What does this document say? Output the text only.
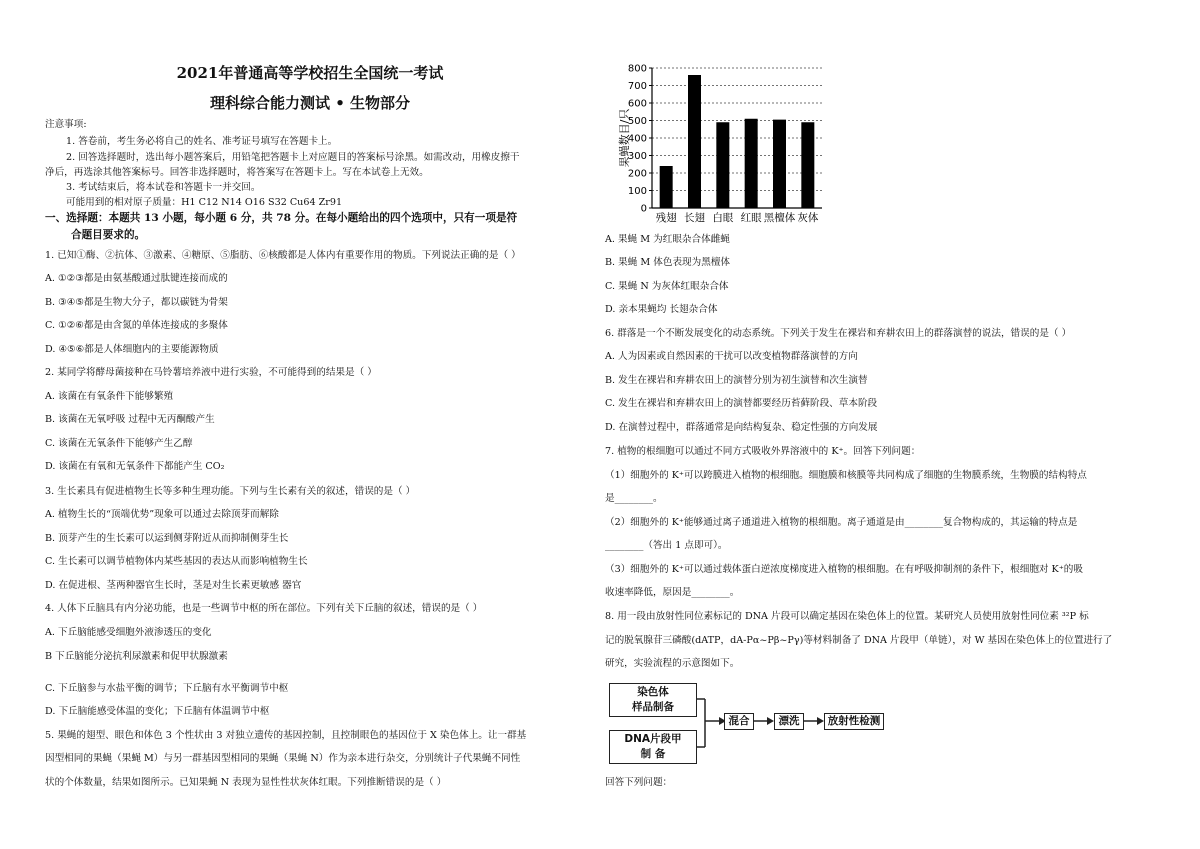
2021年普通高等学校招生全国统一考试
理科综合能力测试 • 生物部分
注意事项:
1. 答卷前，考生务必将自己的姓名、准考证号填写在答题卡上。
2. 回答选择题时，选出每小题答案后，用铅笔把答题卡上对应题目的答案标号涂黑。如需改动，用橡皮擦干
净后，再选涂其他答案标号。回答非选择题时，将答案写在答题卡上。写在本试卷上无效。
3. 考试结束后，将本试卷和答题卡一并交回。
可能用到的相对原子质量：H1 C12 N14 O16 S32 Cu64 Zr91
一、选择题：本题共 13 小题，每小题 6 分，共 78 分。在每小题给出的四个选项中，只有一项是符
合题目要求的。
1. 已知①酶、②抗体、③激素、④糖原、⑤脂肪、⑥核酸都是人体内有重要作用的物质。下列说法正确的是（ ）
A. ①②③都是由氨基酸通过肽键连接而成的
B. ③④⑤都是生物大分子，都以碳链为骨架
C. ①②⑥都是由含氮的单体连接成的多聚体
D. ④⑤⑥都是人体细胞内的主要能源物质
2. 某同学将酵母菌接种在马铃薯培养液中进行实验，不可能得到的结果是（ ）
A. 该菌在有氧条件下能够繁殖
B. 该菌在无氧呼吸 过程中无丙酮酸产生
C. 该菌在无氧条件下能够产生乙醇
D. 该菌在有氧和无氧条件下都能产生 CO₂
3. 生长素具有促进植物生长等多种生理功能。下列与生长素有关的叙述，错误的是（ ）
A. 植物生长的“顶端优势”现象可以通过去除顶芽而解除
B. 顶芽产生的生长素可以运到侧芽附近从而抑制侧芽生长
C. 生长素可以调节植物体内某些基因的表达从而影响植物生长
D. 在促进根、茎两种器官生长时，茎是对生长素更敏感 器官
4. 人体下丘脑具有内分泌功能，也是一些调节中枢的所在部位。下列有关下丘脑的叙述，错误的是（ ）
A. 下丘脑能感受细胞外液渗透压的变化
B 下丘脑能分泌抗利尿激素和促甲状腺激素
C. 下丘脑参与水盐平衡的调节；下丘脑有水平衡调节中枢
D. 下丘脑能感受体温的变化；下丘脑有体温调节中枢
5. 果蝇的翅型、眼色和体色 3 个性状由 3 对独立遗传的基因控制，且控制眼色的基因位于 X 染色体上。让一群基
因型相同的果蝇（果蝇 M）与另一群基因型相同的果蝇（果蝇 N）作为亲本进行杂交，分别统计子代果蝇不同性
状的个体数量，结果如图所示。已知果蝇 N 表现为显性性状灰体红眼。下列推断错误的是（ ）
0
100
200
300
400
500
600
700
800
残翅 长翅 白眼 红眼 黑檀体 灰体
果蝇数目/只
A. 果蝇 M 为红眼杂合体雌蝇
B. 果蝇 M 体色表现为黑檀体
C. 果蝇 N 为灰体红眼杂合体
D. 亲本果蝇均 长翅杂合体
6. 群落是一个不断发展变化的动态系统。下列关于发生在裸岩和弃耕农田上的群落演替的说法，错误的是（ ）
A. 人为因素或自然因素的干扰可以改变植物群落演替的方向
B. 发生在裸岩和弃耕农田上的演替分别为初生演替和次生演替
C. 发生在裸岩和弃耕农田上的演替都要经历苔藓阶段、草本阶段
D. 在演替过程中，群落通常是向结构复杂、稳定性强的方向发展
7. 植物的根细胞可以通过不同方式吸收外界溶液中的 K⁺。回答下列问题：
（1）细胞外的 K⁺可以跨膜进入植物的根细胞。细胞膜和核膜等共同构成了细胞的生物膜系统，生物膜的结构特点
是________。
（2）细胞外的 K⁺能够通过离子通道进入植物的根细胞。离子通道是由________复合物构成的，其运输的特点是
________（答出 1 点即可）。
（3）细胞外的 K⁺可以通过载体蛋白逆浓度梯度进入植物的根细胞。在有呼吸抑制剂的条件下，根细胞对 K⁺的吸
收速率降低，原因是________。
8. 用一段由放射性同位素标记的 DNA 片段可以确定基因在染色体上的位置。某研究人员使用放射性同位素 ³²P 标
记的脱氧腺苷三磷酸(dATP，dA-Pα~Pβ~Pγ)等材料制备了 DNA 片段甲（单链），对 W 基因在染色体上的位置进行了
研究，实验流程的示意图如下。
回答下列问题：
染色体
样品制备
DNA片段甲
制 备
混合	漂洗	放射性检测
